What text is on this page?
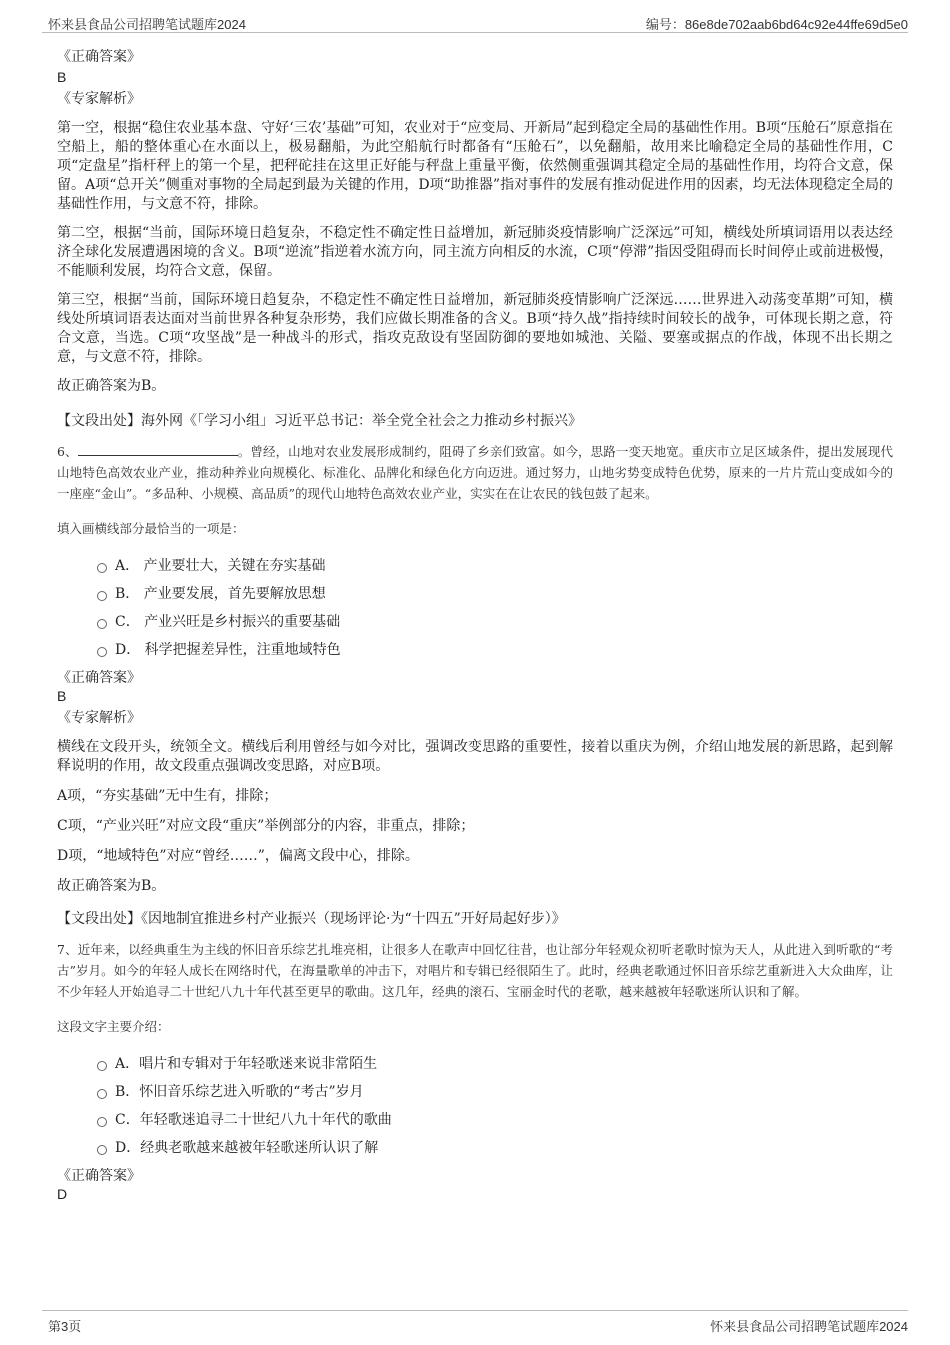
怀来县食品公司招聘笔试题库2024	编号：86e8de702aab6bd64c92e44ffe69d5e0
《正确答案》
B
《专家解析》

第一空，根据“稳住农业基本盘、守好‘三农’基础”可知，农业对于“应变局、开新局”起到稳定全局的基础性作用。B项“压舱石”原意指在空船上，船的整体重心在水面以上，极易翻船，为此空船航行时都备有“压舱石”，以免翻船，故用来比喻稳定全局的基础性作用，C项“定盘星”指杆秤上的第一个星，把秤砣挂在这里正好能与秤盘上重量平衡，依然侧重强调其稳定全局的基础性作用，均符合文意，保留。A项“总开关”侧重对事物的全局起到最为关键的作用，D项“助推器”指对事件的发展有推动促进作用的因素，均无法体现稳定全局的基础性作用，与文意不符，排除。

第二空，根据“当前，国际环境日趋复杂，不稳定性不确定性日益增加，新冠肺炎疫情影响广泛深远”可知，横线处所填词语用以表达经济全球化发展遭遇困境的含义。B项“逆流”指逆着水流方向，同主流方向相反的水流，C项“停滞”指因受阻碍而长时间停止或前进极慢，不能顺利发展，均符合文意，保留。

第三空，根据“当前，国际环境日趋复杂，不稳定性不确定性日益增加，新冠肺炎疫情影响广泛深远……世界进入动荡变革期”可知，横线处所填词语表达面对当前世界各种复杂形势，我们应做长期准备的含义。B项“持久战”指持续时间较长的战争，可体现长期之意，符合文意，当选。C项“攻坚战”是一种战斗的形式，指攻克敌设有坚固防御的要地如城池、关隘、要塞或据点的作战，体现不出长期之意，与文意不符，排除。

故正确答案为B。

【文段出处】海外网《「学习小组」习近平总书记：举全党全社会之力推动乡村振兴》

6、	。曾经，山地对农业发展形成制约，阻碍了乡亲们致富。如今，思路一变天地宽。重庆市立足区域条件，提出发展现代山地特色高效农业产业，推动种养业向规模化、标准化、品牌化和绿色化方向迈进。通过努力，山地劣势变成特色优势，原来的一片片荒山变成如今的一座座“金山”。“多品种、小规模、高品质”的现代山地特色高效农业产业，实实在在让农民的钱包鼓了起来。

填入画横线部分最恰当的一项是：

A． 产业要壮大，关键在夯实基础
B． 产业要发展，首先要解放思想
C． 产业兴旺是乡村振兴的重要基础
D． 科学把握差异性，注重地域特色
《正确答案》
B
《专家解析》

横线在文段开头，统领全文。横线后利用曾经与如今对比，强调改变思路的重要性，接着以重庆为例，介绍山地发展的新思路，起到解释说明的作用，故文段重点强调改变思路，对应B项。

A项，“夯实基础”无中生有，排除；

C项，“产业兴旺”对应文段“重庆”举例部分的内容，非重点，排除；

D项，“地域特色”对应“曾经……”，偏离文段中心，排除。

故正确答案为B。

【文段出处】《因地制宜推进乡村产业振兴（现场评论·为“十四五”开好局起好步）》

7、近年来，以经典重生为主线的怀旧音乐综艺扎堆亮相，让很多人在歌声中回忆往昔，也让部分年轻观众初听老歌时惊为天人，从此进入到听歌的“考古”岁月。如今的年轻人成长在网络时代，在海量歌单的冲击下，对唱片和专辑已经很陌生了。此时，经典老歌通过怀旧音乐综艺重新进入大众曲库，让不少年轻人开始追寻二十世纪八九十年代甚至更早的歌曲。这几年，经典的滚石、宝丽金时代的老歌，越来越被年轻歌迷所认识和了解。

这段文字主要介绍：

A．唱片和专辑对于年轻歌迷来说非常陌生
B．怀旧音乐综艺进入听歌的“考古”岁月
C．年轻歌迷追寻二十世纪八九十年代的歌曲
D．经典老歌越来越被年轻歌迷所认识了解
《正确答案》
D
第3页	怀来县食品公司招聘笔试题库2024
